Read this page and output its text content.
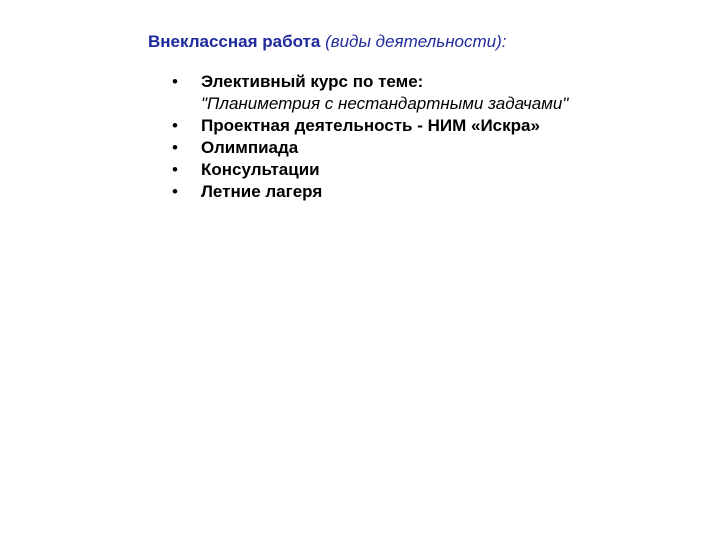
Внеклассная работа (виды деятельности):
• Элективный курс по теме:
"Планиметрия с нестандартными задачами"
• Проектная деятельность - НИМ «Искра»
• Олимпиада
• Консультации
• Летние лагеря
